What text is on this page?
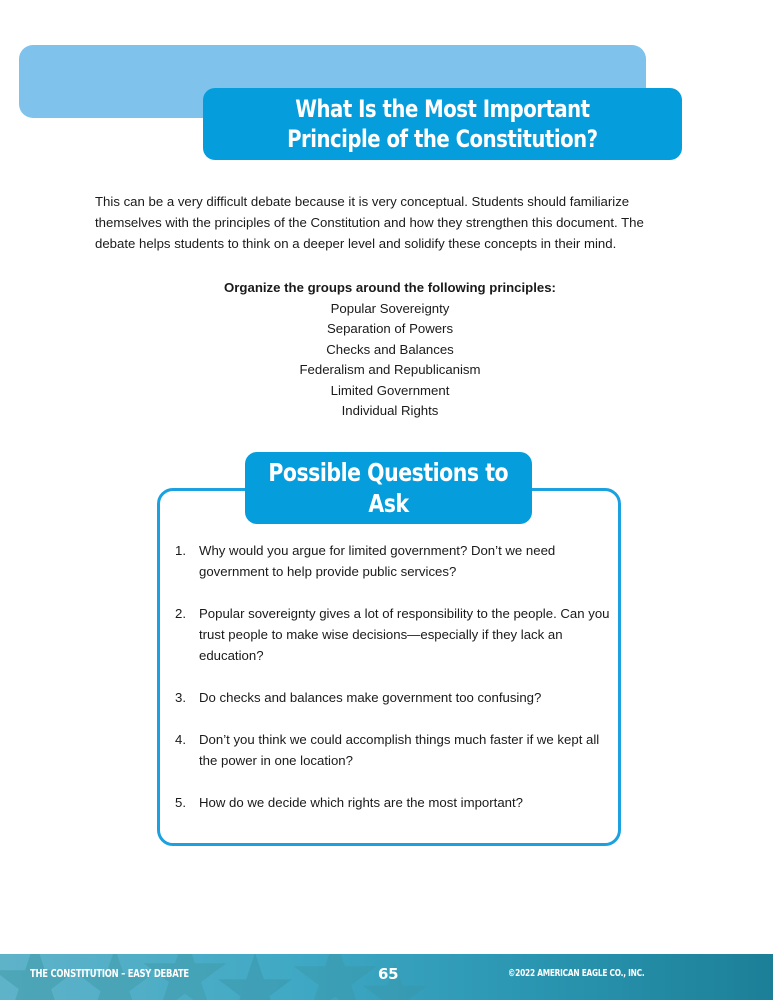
What Is the Most Important
Principle of the Constitution?

This can be a very difficult debate because it is very conceptual. Students should familiarize themselves with the principles of the Constitution and how they strengthen this document. The debate helps students to think on a deeper level and solidify these concepts in their mind.

Organize the groups around the following principles:
Popular Sovereignty
Separation of Powers
Checks and Balances
Federalism and Republicanism
Limited Government
Individual Rights
Possible Questions to
Ask
1. Why would you argue for limited government? Don’t we need government to help provide public services?
2. Popular sovereignty gives a lot of responsibility to the people. Can you trust people to make wise decisions—especially if they lack an education?
3. Do checks and balances make government too confusing?
4. Don’t you think we could accomplish things much faster if we kept all the power in one location?
5. How do we decide which rights are the most important?
THE CONSTITUTION – EASY DEBATE	65	©2022 AMERICAN EAGLE CO., INC.
